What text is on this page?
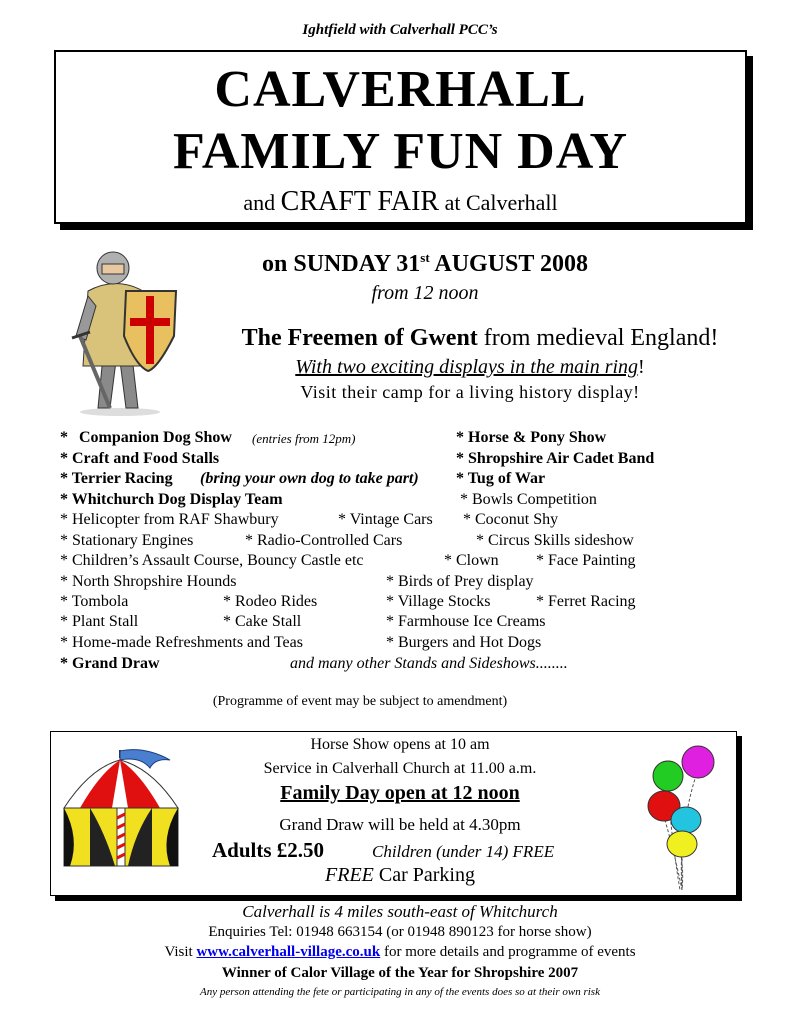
Ightfield with Calverhall PCC’s
CALVERHALL
FAMILY FUN DAY
and CRAFT FAIR at Calverhall
on SUNDAY 31st AUGUST 2008
from 12 noon
The Freemen of Gwent from medieval England!
With two exciting displays in the main ring!
Visit their camp for a living history display!
* Companion Dog Show (entries from 12pm)	* Horse & Pony Show
* Craft and Food Stalls	* Shropshire Air Cadet Band
* Terrier Racing (bring your own dog to take part) * Tug of War
* Whitchurch Dog Display Team	* Bowls Competition
* Helicopter from RAF Shawbury	* Vintage Cars * Coconut Shy
* Stationary Engines	* Radio-Controlled Cars	* Circus Skills sideshow
* Children’s Assault Course, Bouncy Castle etc	* Clown * Face Painting
* North Shropshire Hounds	* Birds of Prey display
* Tombola	* Rodeo Rides	* Village Stocks	* Ferret Racing
* Plant Stall	* Cake Stall	* Farmhouse Ice Creams
* Home-made Refreshments and Teas	* Burgers and Hot Dogs
* Grand Draw	and many other Stands and Sideshows........
(Programme of event may be subject to amendment)
Horse Show opens at 10 am
Service in Calverhall Church at 11.00 a.m.
Family Day open at 12 noon
Grand Draw will be held at 4.30pm
Adults £2.50	Children (under 14) FREE
FREE Car Parking
Calverhall is 4 miles south-east of Whitchurch
Enquiries Tel: 01948 663154 (or 01948 890123 for horse show)
Visit www.calverhall-village.co.uk for more details and programme of events
Winner of Calor Village of the Year for Shropshire 2007
Any person attending the fete or participating in any of the events does so at their own risk
